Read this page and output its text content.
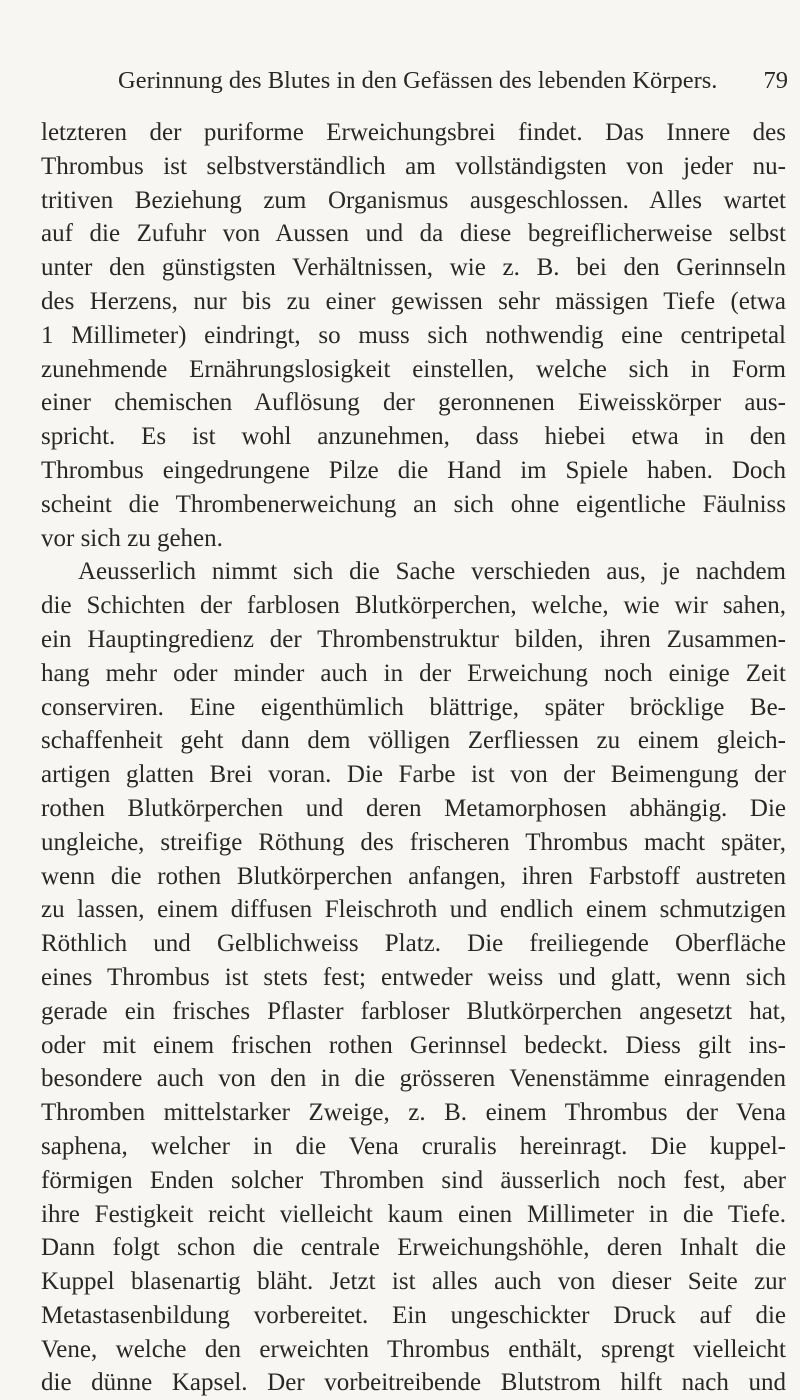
Gerinnung des Blutes in den Gefässen des lebenden Körpers. 79
letzteren der puriforme Erweichungsbrei findet. Das Innere des
Thrombus ist selbstverständlich am vollständigsten von jeder nu-
tritiven Beziehung zum Organismus ausgeschlossen. Alles wartet
auf die Zufuhr von Aussen und da diese begreiflicherweise selbst
unter den günstigsten Verhältnissen, wie z. B. bei den Gerinnseln
des Herzens, nur bis zu einer gewissen sehr mässigen Tiefe (etwa
1 Millimeter) eindringt, so muss sich nothwendig eine centripetal
zunehmende Ernährungslosigkeit einstellen, welche sich in Form
einer chemischen Auflösung der geronnenen Eiweisskörper aus-
spricht. Es ist wohl anzunehmen, dass hiebei etwa in den
Thrombus eingedrungene Pilze die Hand im Spiele haben. Doch
scheint die Thrombenerweichung an sich ohne eigentliche Fäulniss
vor sich zu gehen.
Aeusserlich nimmt sich die Sache verschieden aus, je nachdem
die Schichten der farblosen Blutkörperchen, welche, wie wir sahen,
ein Hauptingredienz der Thrombenstruktur bilden, ihren Zusammen-
hang mehr oder minder auch in der Erweichung noch einige Zeit
conserviren. Eine eigenthümlich blättrige, später bröcklige Be-
schaffenheit geht dann dem völligen Zerfliessen zu einem gleich-
artigen glatten Brei voran. Die Farbe ist von der Beimengung der
rothen Blutkörperchen und deren Metamorphosen abhängig. Die
ungleiche, streifige Röthung des frischeren Thrombus macht später,
wenn die rothen Blutkörperchen anfangen, ihren Farbstoff austreten
zu lassen, einem diffusen Fleischroth und endlich einem schmutzigen
Röthlich und Gelblichweiss Platz. Die freiliegende Oberfläche
eines Thrombus ist stets fest; entweder weiss und glatt, wenn sich
gerade ein frisches Pflaster farbloser Blutkörperchen angesetzt hat,
oder mit einem frischen rothen Gerinnsel bedeckt. Diess gilt ins-
besondere auch von den in die grösseren Venenstämme einragenden
Thromben mittelstarker Zweige, z. B. einem Thrombus der Vena
saphena, welcher in die Vena cruralis hereinragt. Die kuppel-
förmigen Enden solcher Thromben sind äusserlich noch fest, aber
ihre Festigkeit reicht vielleicht kaum einen Millimeter in die Tiefe.
Dann folgt schon die centrale Erweichungshöhle, deren Inhalt die
Kuppel blasenartig bläht. Jetzt ist alles auch von dieser Seite zur
Metastasenbildung vorbereitet. Ein ungeschickter Druck auf die
Vene, welche den erweichten Thrombus enthält, sprengt vielleicht
die dünne Kapsel. Der vorbeitreibende Blutstrom hilft nach und
